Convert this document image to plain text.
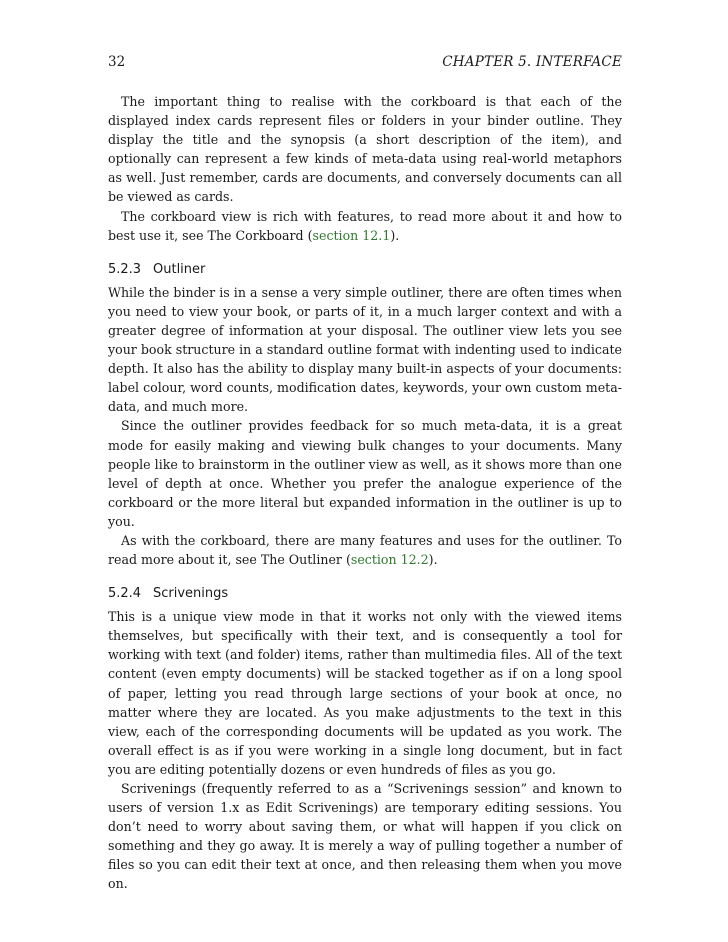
32	CHAPTER 5. INTERFACE

The important thing to realise with the corkboard is that each of the displayed index cards represent files or folders in your binder outline. They display the title and the synopsis (a short description of the item), and optionally can represent a few kinds of meta-data using real-world metaphors as well. Just remember, cards are documents, and conversely documents can all be viewed as cards.

The corkboard view is rich with features, to read more about it and how to best use it, see The Corkboard (section 12.1).

5.2.3 Outliner

While the binder is in a sense a very simple outliner, there are often times when you need to view your book, or parts of it, in a much larger context and with a greater degree of information at your disposal. The outliner view lets you see your book structure in a standard outline format with indenting used to indicate depth. It also has the ability to display many built-in aspects of your documents: label colour, word counts, modification dates, keywords, your own custom meta-data, and much more.

Since the outliner provides feedback for so much meta-data, it is a great mode for easily making and viewing bulk changes to your documents. Many people like to brainstorm in the outliner view as well, as it shows more than one level of depth at once. Whether you prefer the analogue experience of the corkboard or the more literal but expanded information in the outliner is up to you.

As with the corkboard, there are many features and uses for the outliner. To read more about it, see The Outliner (section 12.2).

5.2.4 Scrivenings

This is a unique view mode in that it works not only with the viewed items themselves, but specifically with their text, and is consequently a tool for working with text (and folder) items, rather than multimedia files. All of the text content (even empty documents) will be stacked together as if on a long spool of paper, letting you read through large sections of your book at once, no matter where they are located. As you make adjustments to the text in this view, each of the corresponding documents will be updated as you work. The overall effect is as if you were working in a single long document, but in fact you are editing potentially dozens or even hundreds of files as you go.

Scrivenings (frequently referred to as a “Scrivenings session” and known to users of version 1.x as Edit Scrivenings) are temporary editing sessions. You don’t need to worry about saving them, or what will happen if you click on something and they go away. It is merely a way of pulling together a number of files so you can edit their text at once, and then releasing them when you move on.
